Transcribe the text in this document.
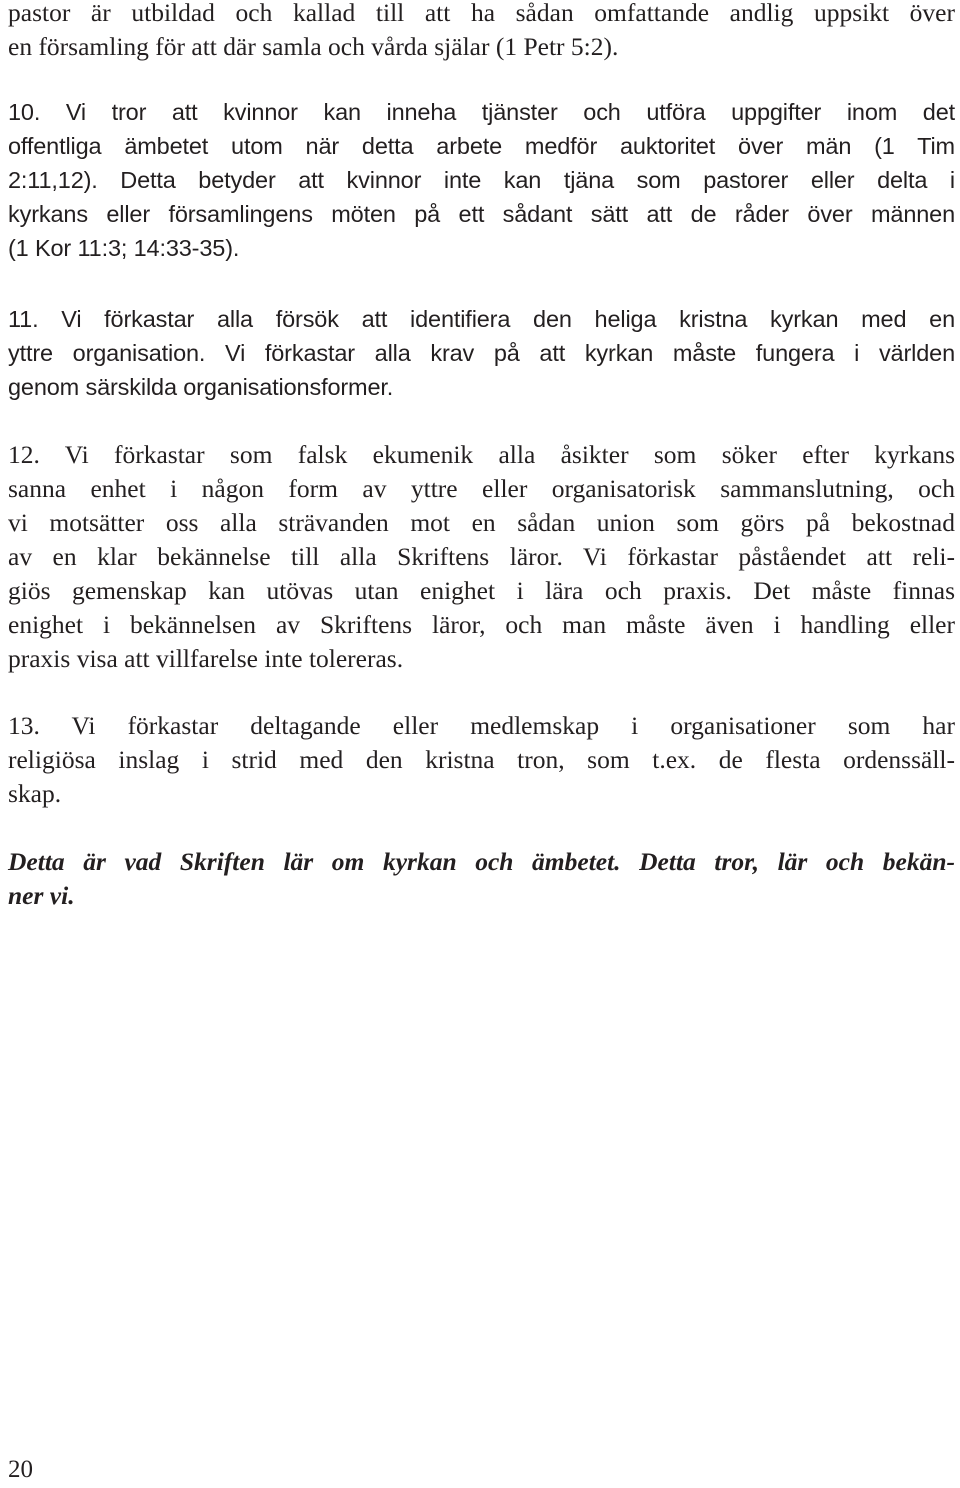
pastor är utbildad och kallad till att ha sådan omfattande andlig uppsikt över
en församling för att där samla och vårda själar (1 Petr 5:2).

10. Vi tror att kvinnor kan inneha tjänster och utföra uppgifter inom det
offentliga ämbetet utom när detta arbete medför auktoritet över män (1 Tim
2:11,12). Detta betyder att kvinnor inte kan tjäna som pastorer eller delta i
kyrkans eller församlingens möten på ett sådant sätt att de råder över männen
(1 Kor 11:3; 14:33-35).

11. Vi förkastar alla försök att identifiera den heliga kristna kyrkan med en
yttre organisation. Vi förkastar alla krav på att kyrkan måste fungera i världen
genom särskilda organisationsformer.

12. Vi förkastar som falsk ekumenik alla åsikter som söker efter kyrkans
sanna enhet i någon form av yttre eller organisatorisk sammanslutning, och
vi motsätter oss alla strävanden mot en sådan union som görs på bekostnad
av en klar bekännelse till alla Skriftens läror. Vi förkastar påståendet att reli-
giös gemenskap kan utövas utan enighet i lära och praxis. Det måste finnas
enighet i bekännelsen av Skriftens läror, och man måste även i handling eller
praxis visa att villfarelse inte tolereras.

13. Vi förkastar deltagande eller medlemskap i organisationer som har
religiösa inslag i strid med den kristna tron, som t.ex. de flesta ordenssäll-
skap.

Detta är vad Skriften lär om kyrkan och ämbetet. Detta tror, lär och bekän-
ner vi.

20
